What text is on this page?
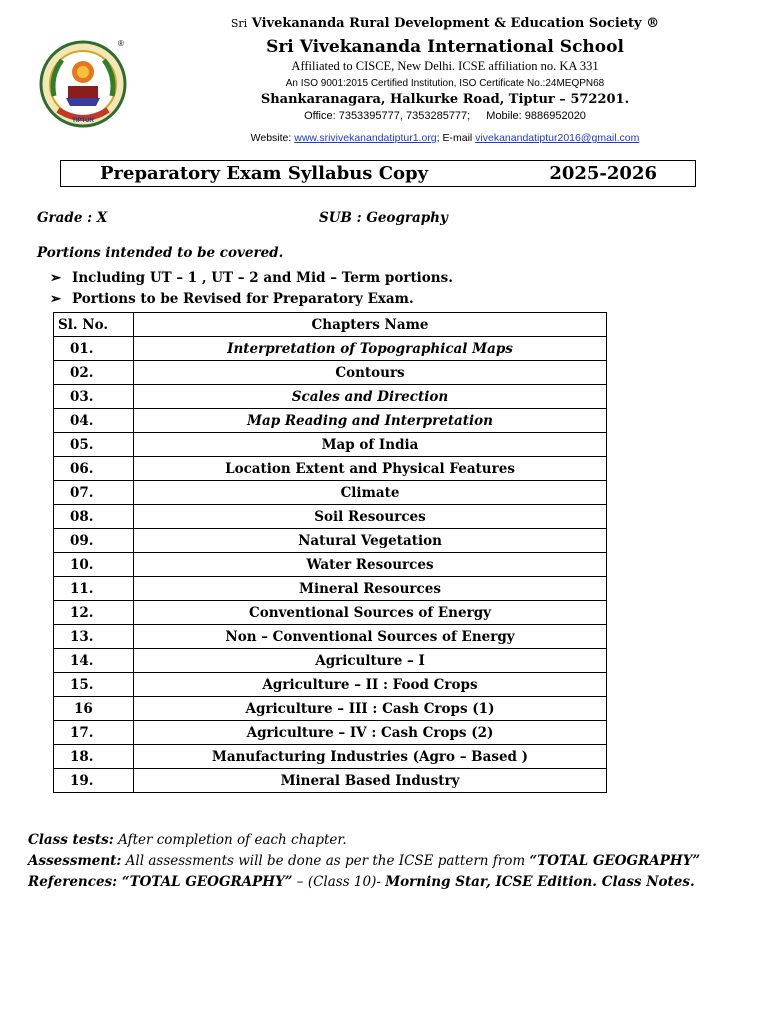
TIPTUR
®
Sri Vivekananda Rural Development & Education Society ®
Sri Vivekananda International School
Affiliated to CISCE, New Delhi. ICSE affiliation no. KA 331
An ISO 9001:2015 Certified Institution, ISO Certificate No.:24MEQPN68
Shankaranagara, Halkurke Road, Tiptur – 572201.
Office: 7353395777, 7353285777; Mobile: 9886952020
Website: www.srivivekanandatiptur1.org; E-mail vivekanandatiptur2016@gmail.com
Preparatory Exam Syllabus Copy	2025-2026
Grade : X	SUB : Geography
Portions intended to be covered.
➢ Including UT – 1 , UT – 2 and Mid – Term portions.
➢ Portions to be Revised for Preparatory Exam.
Sl. No.	Chapters Name
01.	Interpretation of Topographical Maps
02.	Contours
03.	Scales and Direction
04.	Map Reading and Interpretation
05.	Map of India
06.	Location Extent and Physical Features
07.	Climate
08.	Soil Resources
09.	Natural Vegetation
10.	Water Resources
11.	Mineral Resources
12.	Conventional Sources of Energy
13.	Non – Conventional Sources of Energy
14.	Agriculture – I
15.	Agriculture – II : Food Crops
16	Agriculture – III : Cash Crops (1)
17.	Agriculture – IV : Cash Crops (2)
18.	Manufacturing Industries (Agro – Based )
19.	Mineral Based Industry
Class tests: After completion of each chapter.
Assessment: All assessments will be done as per the ICSE pattern from “TOTAL GEOGRAPHY”
References: “TOTAL GEOGRAPHY” – (Class 10)- Morning Star, ICSE Edition. Class Notes.
